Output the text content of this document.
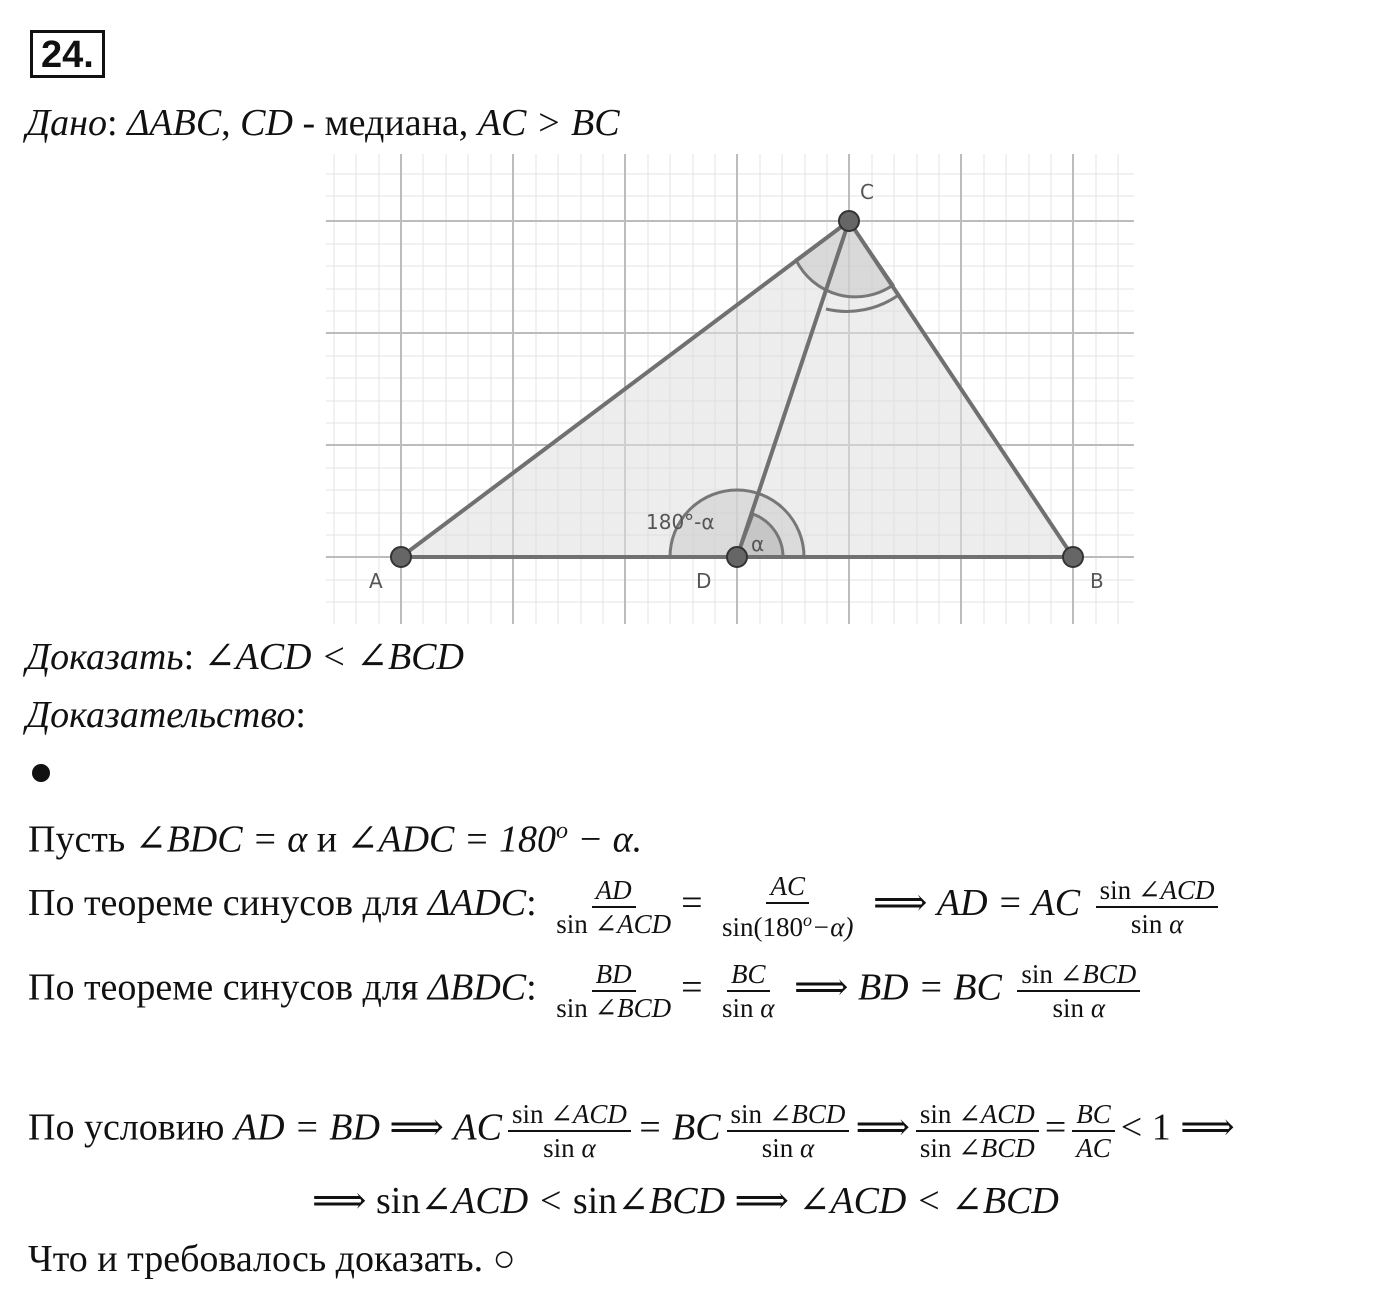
24.
Дано: ΔABC, CD - медиана, AC > BC
A	B
C
D
180°-α
α
Доказать: ∠ACD < ∠BCD
Доказательство:
Пусть ∠BDC = α и ∠ADC = $180^o - \alpha$.
По теореме синусов для ΔADC: $\frac{AD}{\text{sin ∠ACD}} = \frac{AC}{\sin(180^o-\alpha)}$ ⟹ AD = AC $\frac{\text{sin ∠ACD}}{\text{sin α}}$
По теореме синусов для ΔBDC: $\frac{BD}{\text{sin ∠BCD}} = \frac{BC}{\text{sin α}}$ ⟹ BD = BC $\frac{\text{sin ∠BCD}}{\text{sin α}}$
По условию AD = BD ⟹ AC $\frac{\text{sin ∠ACD}}{\text{sin α}}$ = BC $\frac{\text{sin ∠BCD}}{\text{sin α}}$ ⟹ $\frac{\text{sin ∠ACD}}{\text{sin ∠BCD}} = \frac{BC}{AC} < 1$ ⟹
⟹ sin∠ACD < sin∠BCD ⟹ ∠ACD < ∠BCD
Что и требовалось доказать. ○
